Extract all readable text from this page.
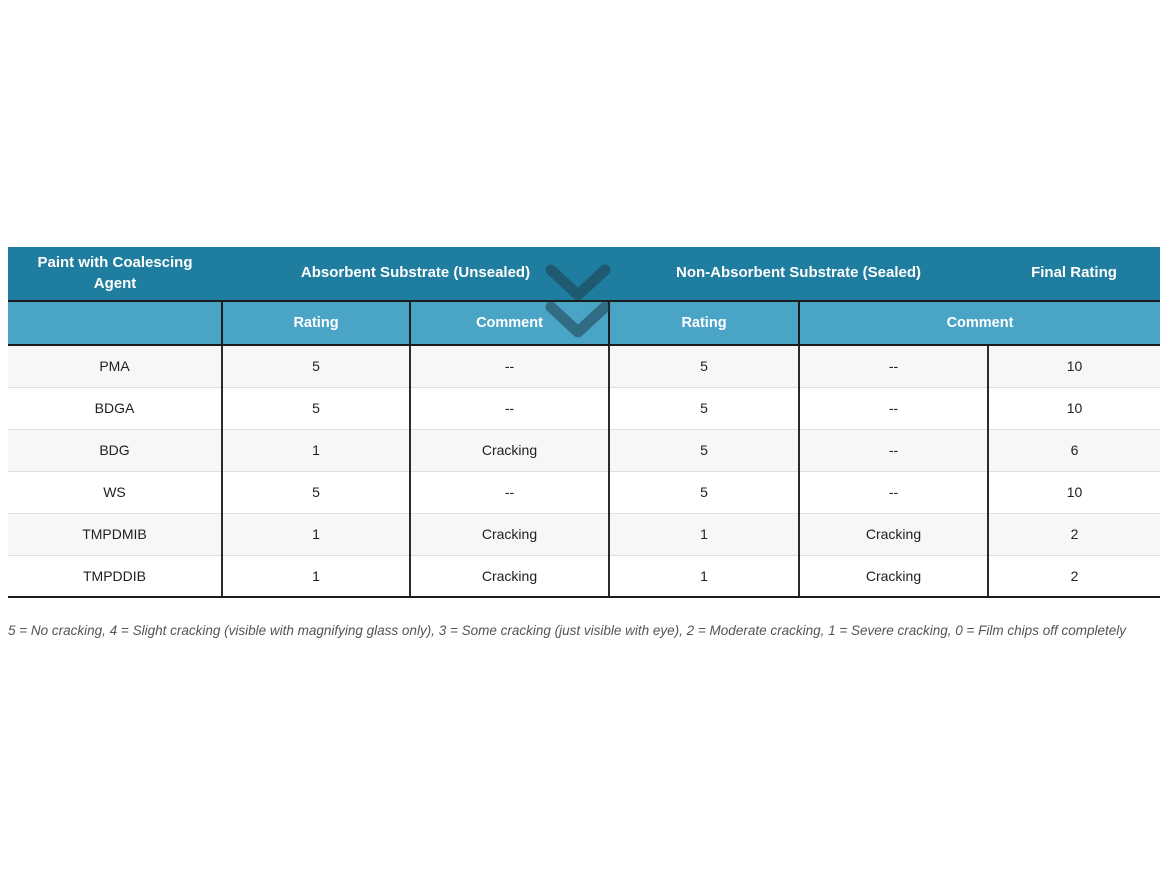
Paint with Coalescing Agent	Absorbent Substrate (Unsealed)		Non-Absorbent Substrate (Sealed)		Final Rating
	Rating	Comment	Rating	Comment	
PMA	5	--	5	--	10
BDGA	5	--	5	--	10
BDG	1	Cracking	5	--	6
WS	5	--	5	--	10
TMPDMIB	1	Cracking	1	Cracking	2
TMPDDIB	1	Cracking	1	Cracking	2
5 = No cracking, 4 = Slight cracking (visible with magnifying glass only), 3 = Some cracking (just visible with eye), 2 = Moderate cracking, 1 = Severe cracking, 0 = Film chips off completely
